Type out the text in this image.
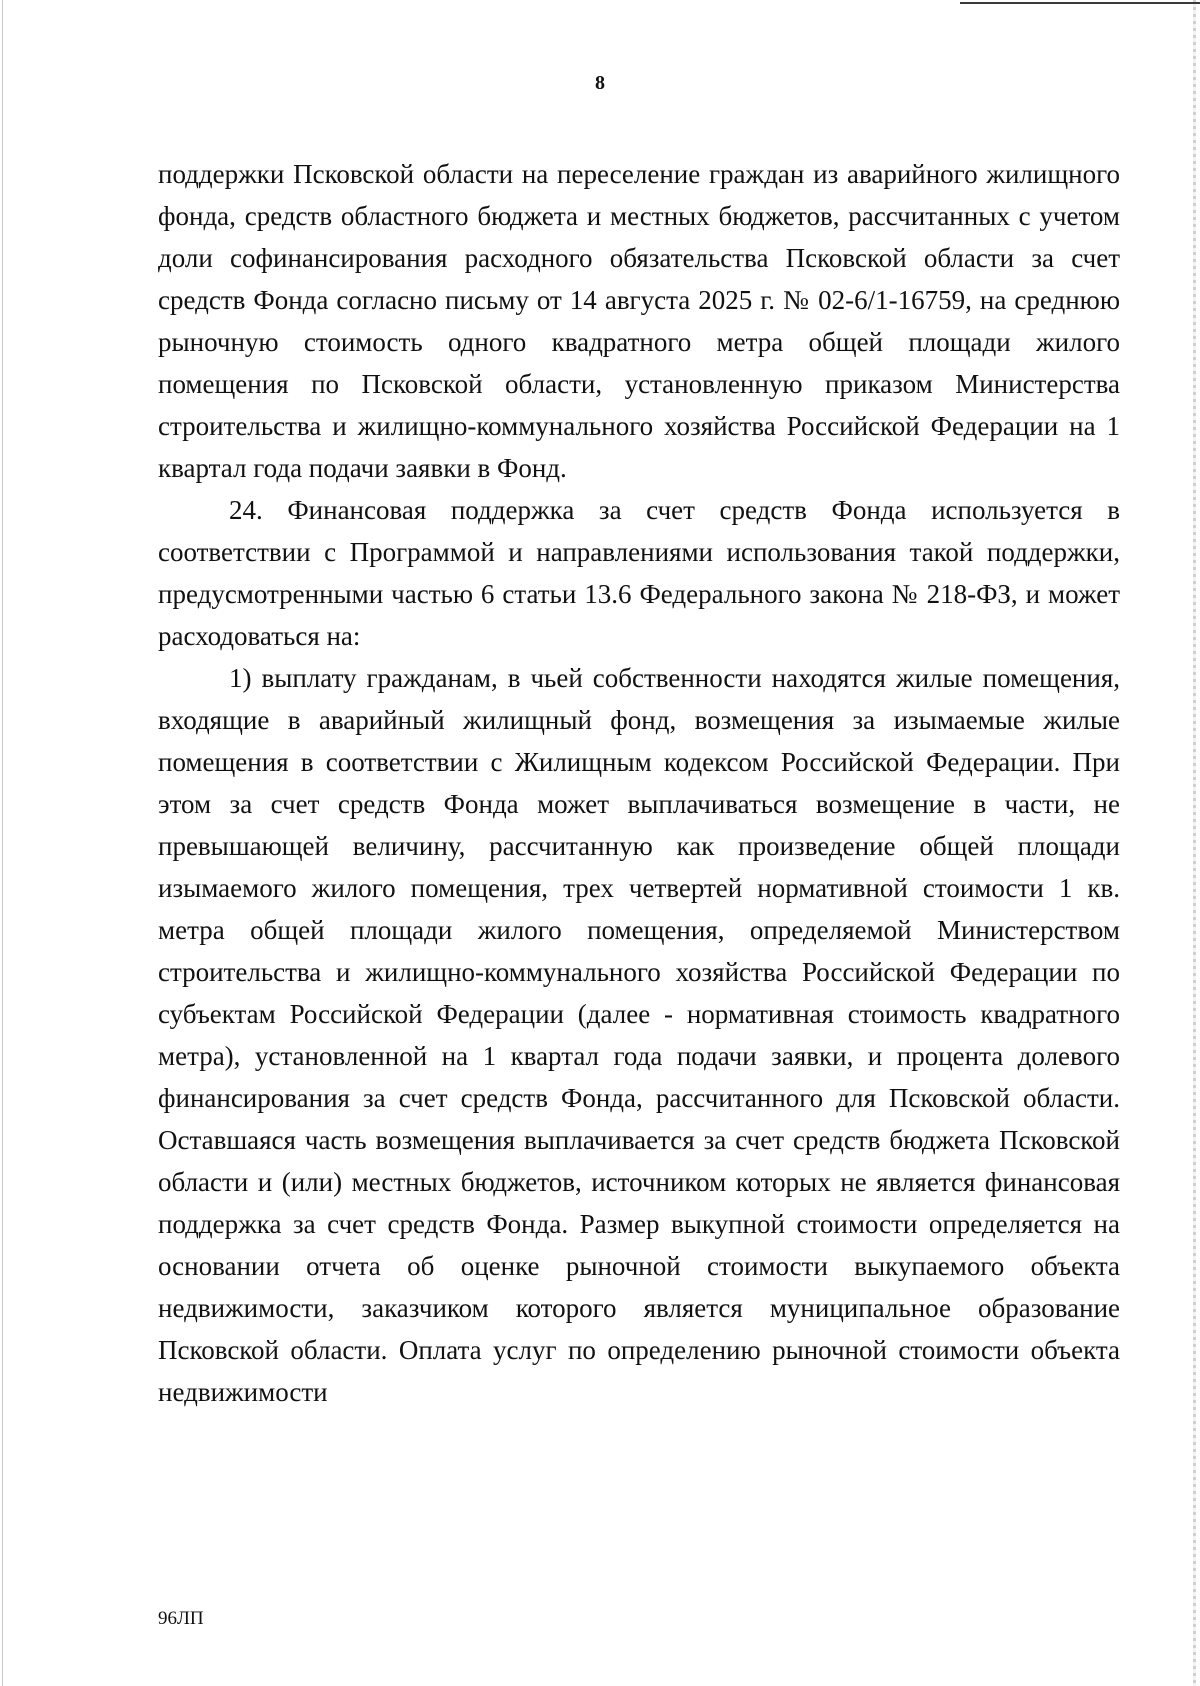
8

поддержки Псковской области на переселение граждан из аварийного жилищного фонда, средств областного бюджета и местных бюджетов, рассчитанных с учетом доли софинансирования расходного обязательства Псковской области за счет средств Фонда согласно письму от 14 августа 2025 г. № 02-6/1-16759, на среднюю рыночную стоимость одного квадратного метра общей площади жилого помещения по Псковской области, установленную приказом Министерства строительства и жилищно-коммунального хозяйства Российской Федерации на 1 квартал года подачи заявки в Фонд.

24. Финансовая поддержка за счет средств Фонда используется в соответствии с Программой и направлениями использования такой поддержки, предусмотренными частью 6 статьи 13.6 Федерального закона № 218-ФЗ, и может расходоваться на:

1) выплату гражданам, в чьей собственности находятся жилые помещения, входящие в аварийный жилищный фонд, возмещения за изымаемые жилые помещения в соответствии с Жилищным кодексом Российской Федерации. При этом за счет средств Фонда может выплачиваться возмещение в части, не превышающей величину, рассчитанную как произведение общей площади изымаемого жилого помещения, трех четвертей нормативной стоимости 1 кв. метра общей площади жилого помещения, определяемой Министерством строительства и жилищно-коммунального хозяйства Российской Федерации по субъектам Российской Федерации (далее - нормативная стоимость квадратного метра), установленной на 1 квартал года подачи заявки, и процента долевого финансирования за счет средств Фонда, рассчитанного для Псковской области. Оставшаяся часть возмещения выплачивается за счет средств бюджета Псковской области и (или) местных бюджетов, источником которых не является финансовая поддержка за счет средств Фонда. Размер выкупной стоимости определяется на основании отчета об оценке рыночной стоимости выкупаемого объекта недвижимости, заказчиком которого является муниципальное образование Псковской области. Оплата услуг по определению рыночной стоимости объекта недвижимости

96ЛП
